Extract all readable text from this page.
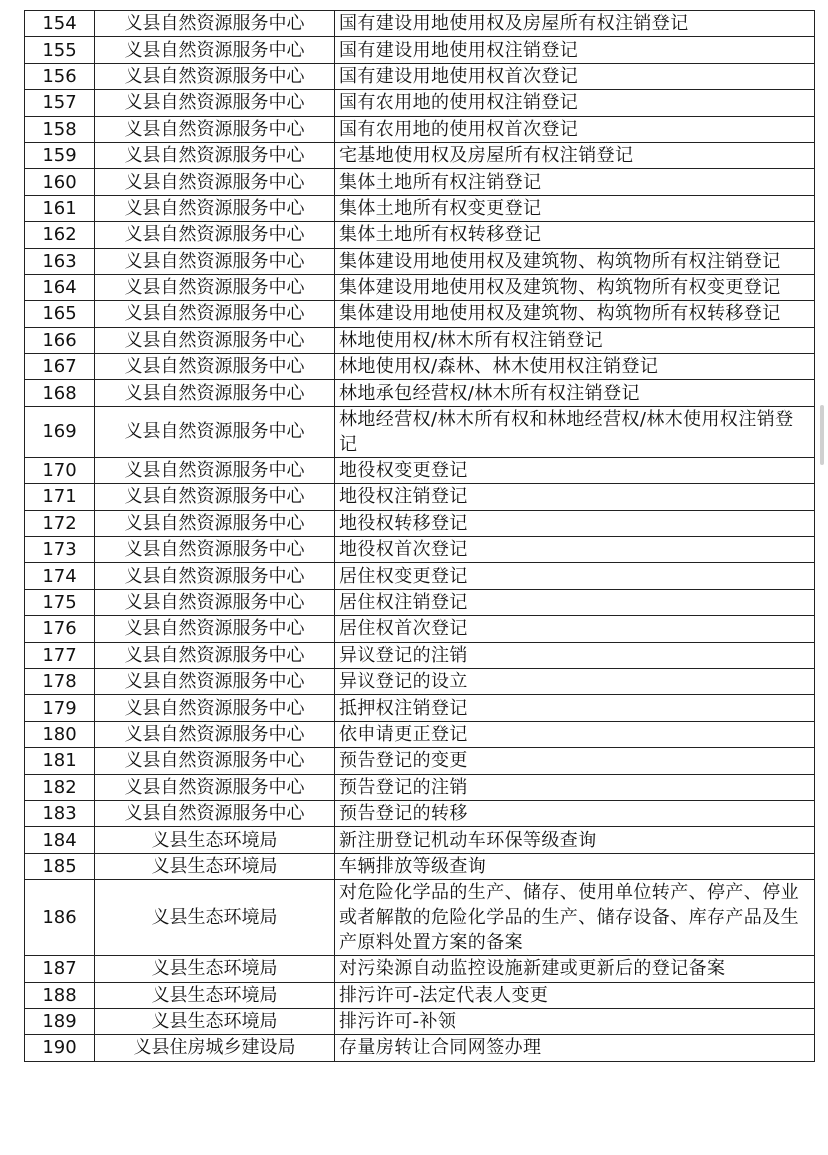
154	义县自然资源服务中心	国有建设用地使用权及房屋所有权注销登记
155	义县自然资源服务中心	国有建设用地使用权注销登记
156	义县自然资源服务中心	国有建设用地使用权首次登记
157	义县自然资源服务中心	国有农用地的使用权注销登记
158	义县自然资源服务中心	国有农用地的使用权首次登记
159	义县自然资源服务中心	宅基地使用权及房屋所有权注销登记
160	义县自然资源服务中心	集体土地所有权注销登记
161	义县自然资源服务中心	集体土地所有权变更登记
162	义县自然资源服务中心	集体土地所有权转移登记
163	义县自然资源服务中心	集体建设用地使用权及建筑物、构筑物所有权注销登记
164	义县自然资源服务中心	集体建设用地使用权及建筑物、构筑物所有权变更登记
165	义县自然资源服务中心	集体建设用地使用权及建筑物、构筑物所有权转移登记
166	义县自然资源服务中心	林地使用权/林木所有权注销登记
167	义县自然资源服务中心	林地使用权/森林、林木使用权注销登记
168	义县自然资源服务中心	林地承包经营权/林木所有权注销登记
169	义县自然资源服务中心	林地经营权/林木所有权和林地经营权/林木使用权注销登记
170	义县自然资源服务中心	地役权变更登记
171	义县自然资源服务中心	地役权注销登记
172	义县自然资源服务中心	地役权转移登记
173	义县自然资源服务中心	地役权首次登记
174	义县自然资源服务中心	居住权变更登记
175	义县自然资源服务中心	居住权注销登记
176	义县自然资源服务中心	居住权首次登记
177	义县自然资源服务中心	异议登记的注销
178	义县自然资源服务中心	异议登记的设立
179	义县自然资源服务中心	抵押权注销登记
180	义县自然资源服务中心	依申请更正登记
181	义县自然资源服务中心	预告登记的变更
182	义县自然资源服务中心	预告登记的注销
183	义县自然资源服务中心	预告登记的转移
184	义县生态环境局	新注册登记机动车环保等级查询
185	义县生态环境局	车辆排放等级查询
186	义县生态环境局	对危险化学品的生产、储存、使用单位转产、停产、停业或者解散的危险化学品的生产、储存设备、库存产品及生产原料处置方案的备案
187	义县生态环境局	对污染源自动监控设施新建或更新后的登记备案
188	义县生态环境局	排污许可-法定代表人变更
189	义县生态环境局	排污许可-补领
190	义县住房城乡建设局	存量房转让合同网签办理
